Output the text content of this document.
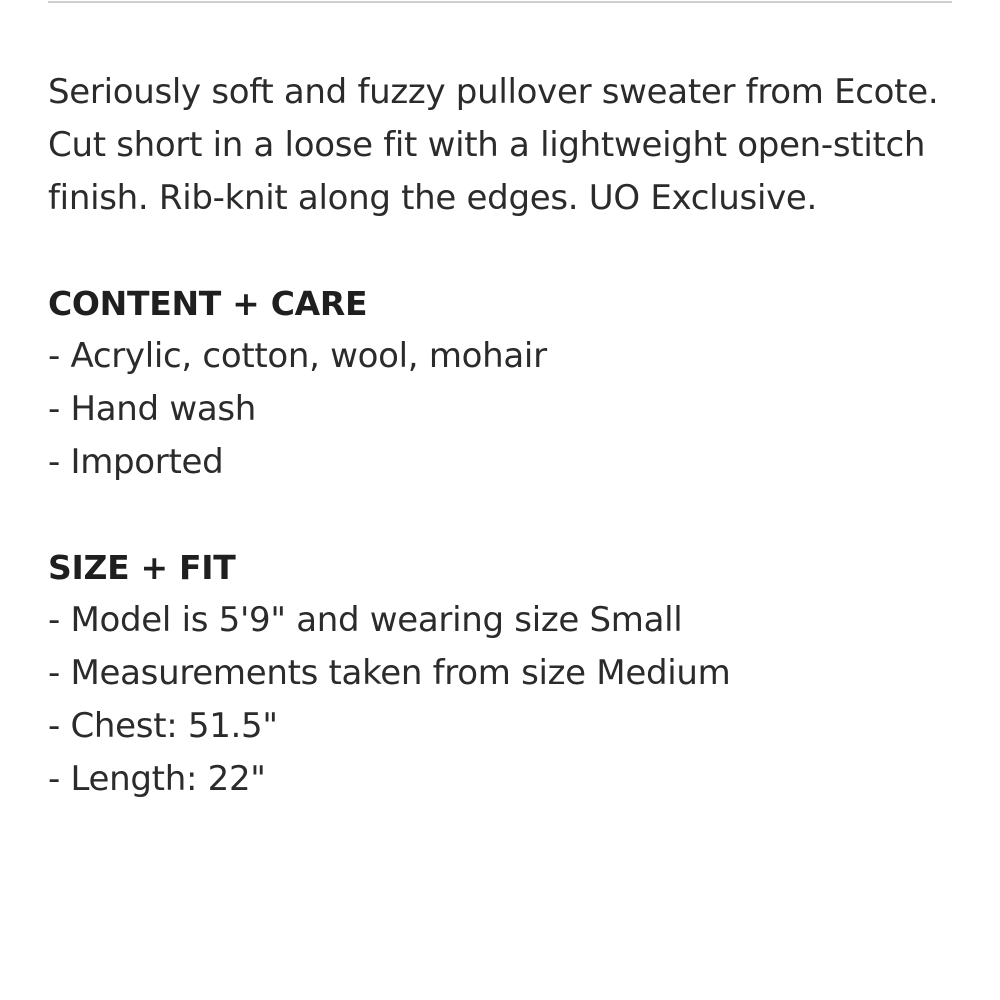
Seriously soft and fuzzy pullover sweater from Ecote.
Cut short in a loose fit with a lightweight open-stitch
finish. Rib-knit along the edges. UO Exclusive.

CONTENT + CARE
- Acrylic, cotton, wool, mohair
- Hand wash
- Imported
SIZE + FIT
- Model is 5'9" and wearing size Small
- Measurements taken from size Medium
- Chest: 51.5"
- Length: 22"
